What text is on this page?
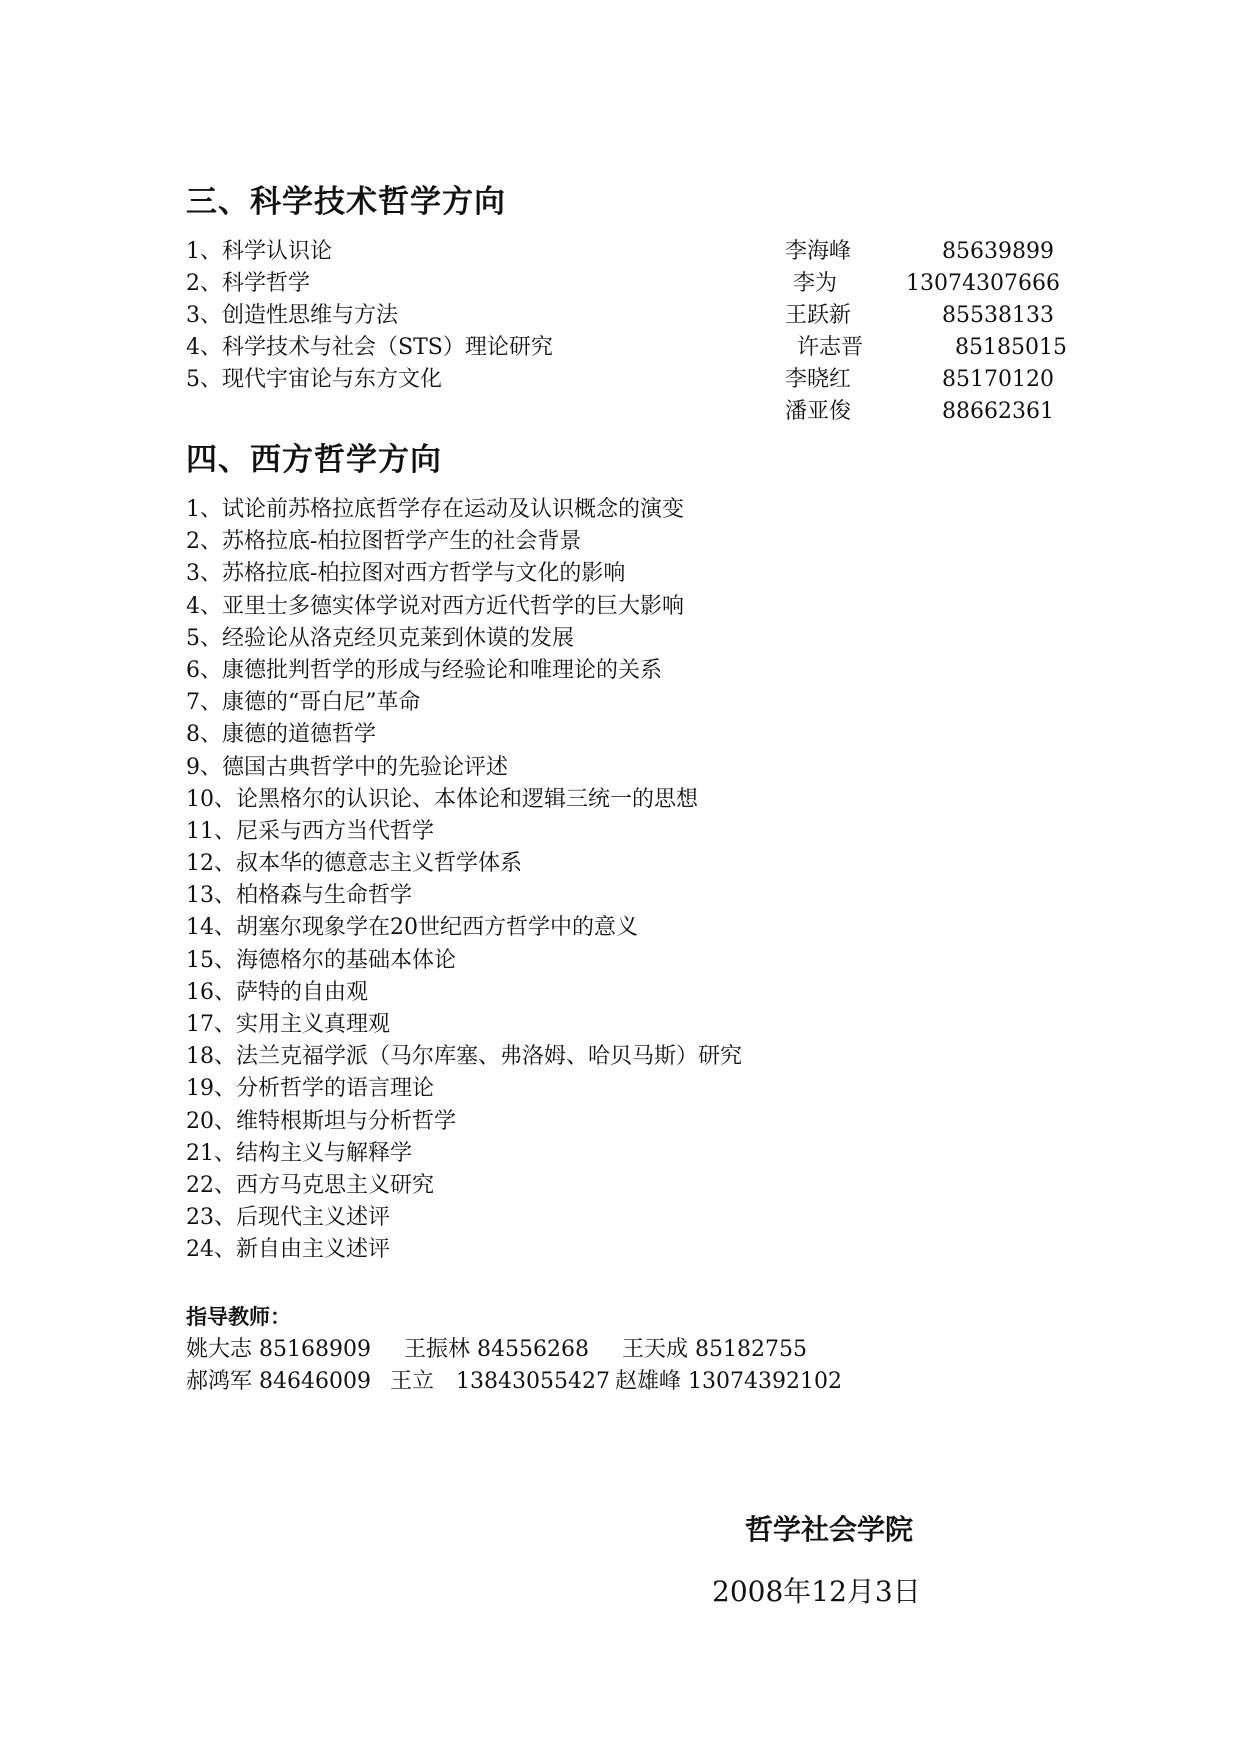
三、科学技术哲学方向
1、科学认识论	李海峰	85639899
2、科学哲学	李为	13074307666
3、创造性思维与方法	王跃新	85538133
4、科学技术与社会（STS）理论研究	许志晋	85185015
5、现代宇宙论与东方文化	李晓红	85170120
潘亚俊	88662361
四、西方哲学方向
1、试论前苏格拉底哲学存在运动及认识概念的演变
2、苏格拉底-柏拉图哲学产生的社会背景
3、苏格拉底-柏拉图对西方哲学与文化的影响
4、亚里士多德实体学说对西方近代哲学的巨大影响
5、经验论从洛克经贝克莱到休谟的发展
6、康德批判哲学的形成与经验论和唯理论的关系
7、康德的“哥白尼”革命
8、康德的道德哲学
9、德国古典哲学中的先验论评述
10、论黑格尔的认识论、本体论和逻辑三统一的思想
11、尼采与西方当代哲学
12、叔本华的德意志主义哲学体系
13、柏格森与生命哲学
14、胡塞尔现象学在20世纪西方哲学中的意义
15、海德格尔的基础本体论
16、萨特的自由观
17、实用主义真理观
18、法兰克福学派（马尔库塞、弗洛姆、哈贝马斯）研究
19、分析哲学的语言理论
20、维特根斯坦与分析哲学
21、结构主义与解释学
22、西方马克思主义研究
23、后现代主义述评
24、新自由主义述评
指导教师：
姚大志 85168909 王振林 84556268 王天成 85182755
郝鸿军 84646009 王立　13843055427 赵雄峰 13074392102
哲学社会学院
2008年12月3日
